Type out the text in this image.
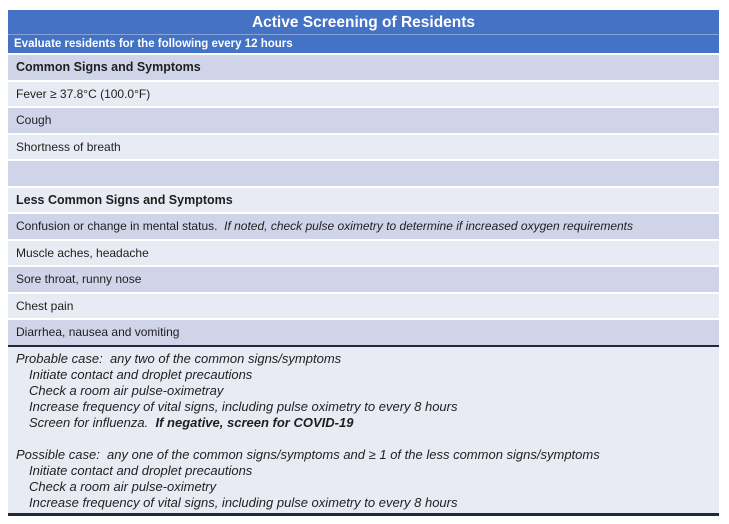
Active Screening of Residents
Evaluate residents for the following every 12 hours
Common Signs and Symptoms
Fever ≥ 37.8°C (100.0°F)
Cough
Shortness of breath
Less Common Signs and Symptoms
Confusion or change in mental status. If noted, check pulse oximetry to determine if increased oxygen requirements
Muscle aches, headache
Sore throat, runny nose
Chest pain
Diarrhea, nausea and vomiting
Probable case:  any two of the common signs/symptoms
Initiate contact and droplet precautions
Check a room air pulse-oximetray
Increase frequency of vital signs, including pulse oximetry to every 8 hours
Screen for influenza.  If negative, screen for COVID-19
Possible case:  any one of the common signs/symptoms and ≥ 1 of the less common signs/symptoms
Initiate contact and droplet precautions
Check a room air pulse-oximetry
Increase frequency of vital signs, including pulse oximetry to every 8 hours
